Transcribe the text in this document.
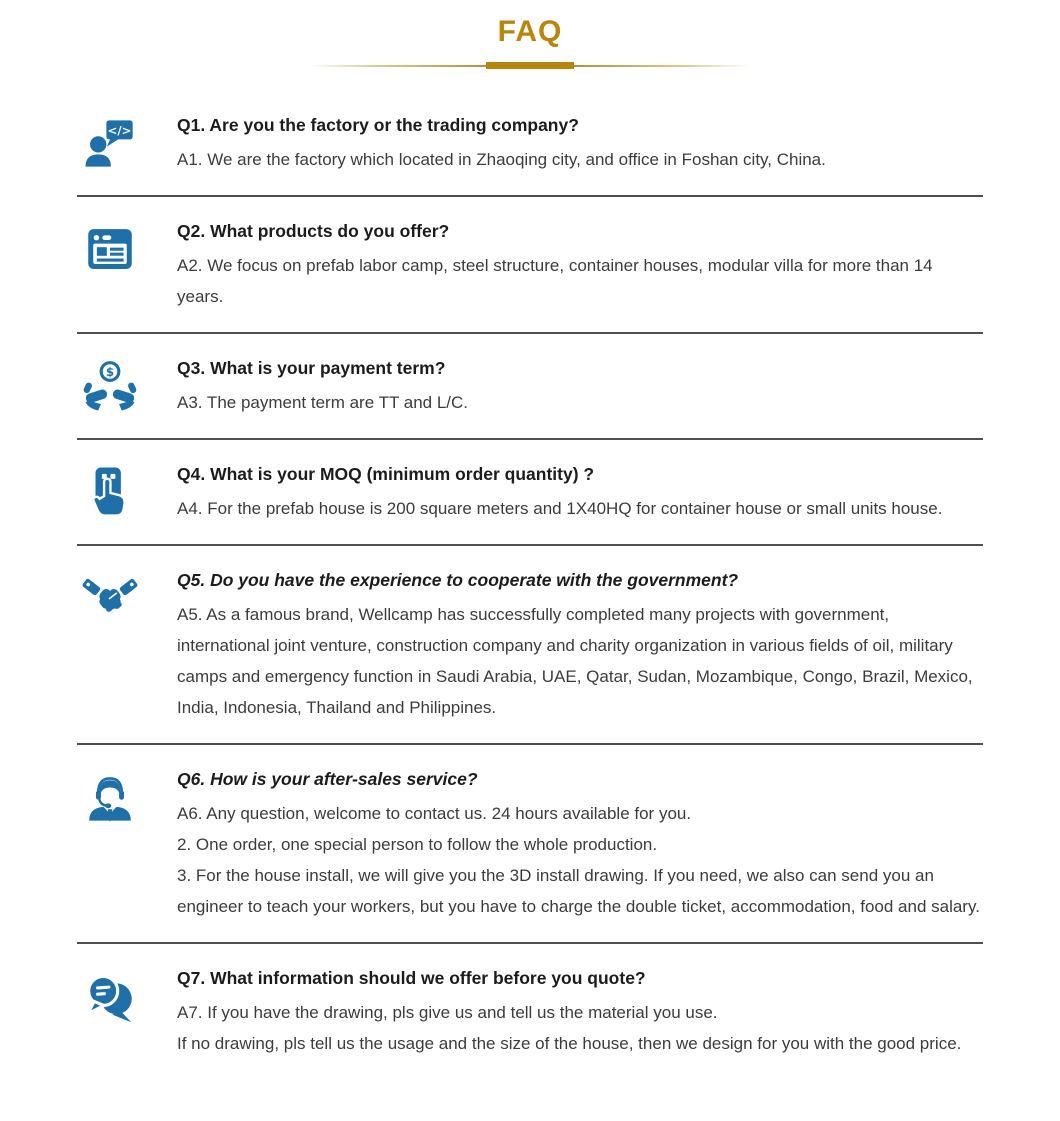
FAQ
</>	Q1. Are you the factory or the trading company?

A1. We are the factory which located in Zhaoqing city, and office in Foshan city, China.

Q2. What products do you offer?

A2. We focus on prefab labor camp, steel structure, container houses, modular villa for more than 14 years.

$	Q3. What is your payment term?

A3. The payment term are TT and L/C.

Q4. What is your MOQ (minimum order quantity) ?

A4. For the prefab house is 200 square meters and 1X40HQ for container house or small units house.

Q5. Do you have the experience to cooperate with the government?

A5. As a famous brand, Wellcamp has successfully completed many projects with government, international joint venture, construction company and charity organization in various fields of oil, military camps and emergency function in Saudi Arabia, UAE, Qatar, Sudan, Mozambique, Congo, Brazil, Mexico, India, Indonesia, Thailand and Philippines.

Q6. How is your after-sales service?

A6. Any question, welcome to contact us. 24 hours available for you.

2. One order, one special person to follow the whole production.

3. For the house install, we will give you the 3D install drawing. If you need, we also can send you an engineer to teach your workers, but you have to charge the double ticket, accommodation, food and salary.

Q7. What information should we offer before you quote?

A7. If you have the drawing, pls give us and tell us the material you use.

If no drawing, pls tell us the usage and the size of the house, then we design for you with the good price.
